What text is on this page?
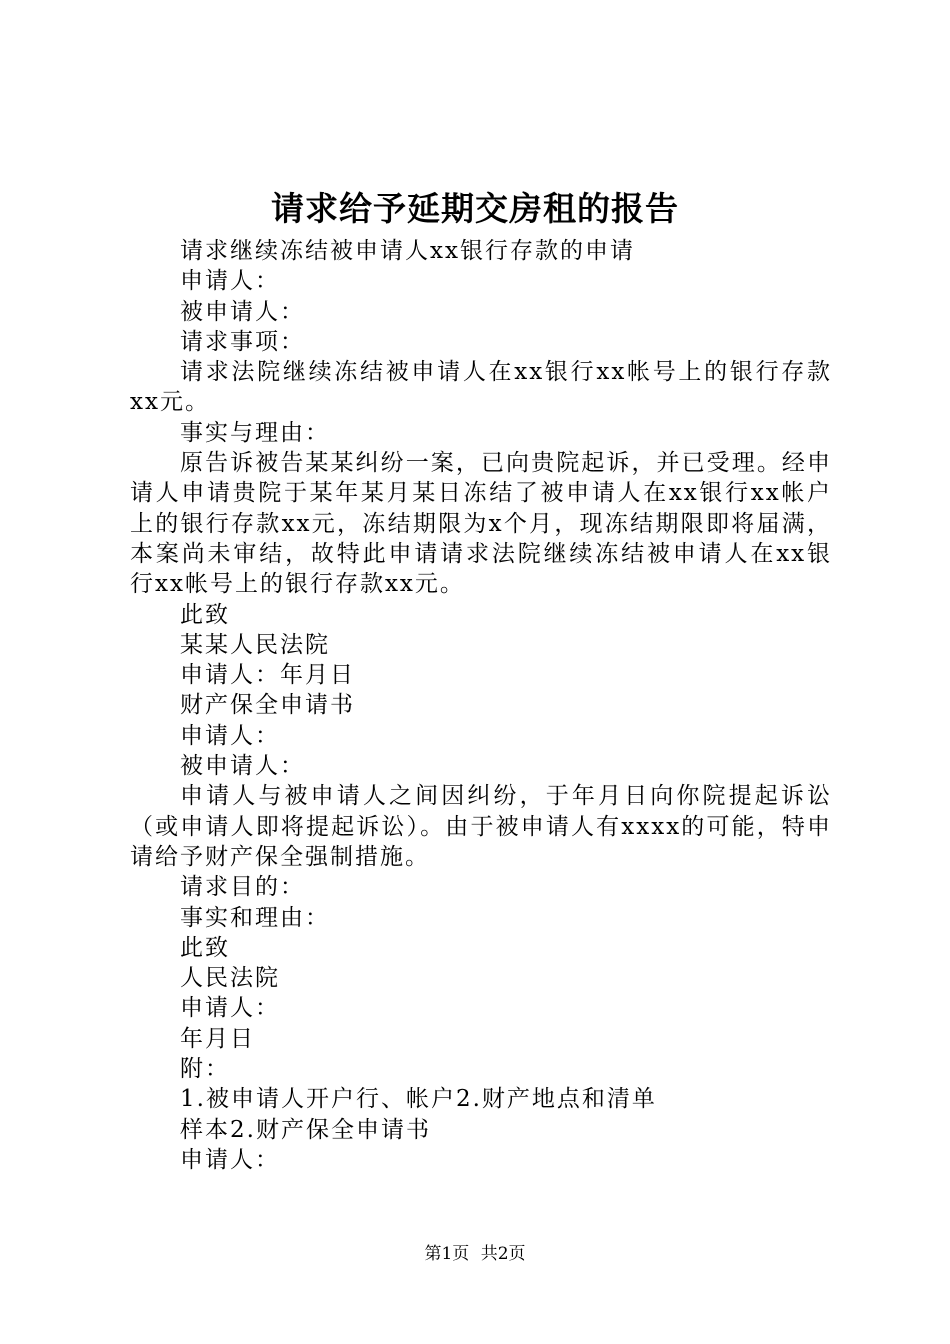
请求给予延期交房租的报告

请求继续冻结被申请人xx银行存款的申请

申请人：

被申请人：

请求事项：

请求法院继续冻结被申请人在xx银行xx帐号上的银行存款xx元。

事实与理由：

原告诉被告某某纠纷一案，已向贵院起诉，并已受理。经申请人申请贵院于某年某月某日冻结了被申请人在xx银行xx帐户上的银行存款xx元，冻结期限为x个月，现冻结期限即将届满，本案尚未审结，故特此申请请求法院继续冻结被申请人在xx银行xx帐号上的银行存款xx元。

此致

某某人民法院

申请人：年月日

财产保全申请书

申请人：

被申请人：

申请人与被申请人之间因纠纷，于年月日向你院提起诉讼（或申请人即将提起诉讼）。由于被申请人有xxxx的可能，特申请给予财产保全强制措施。

请求目的：

事实和理由：

此致

人民法院

申请人：

年月日

附：

1.被申请人开户行、帐户2.财产地点和清单

样本2.财产保全申请书

申请人：

第1页 共2页
